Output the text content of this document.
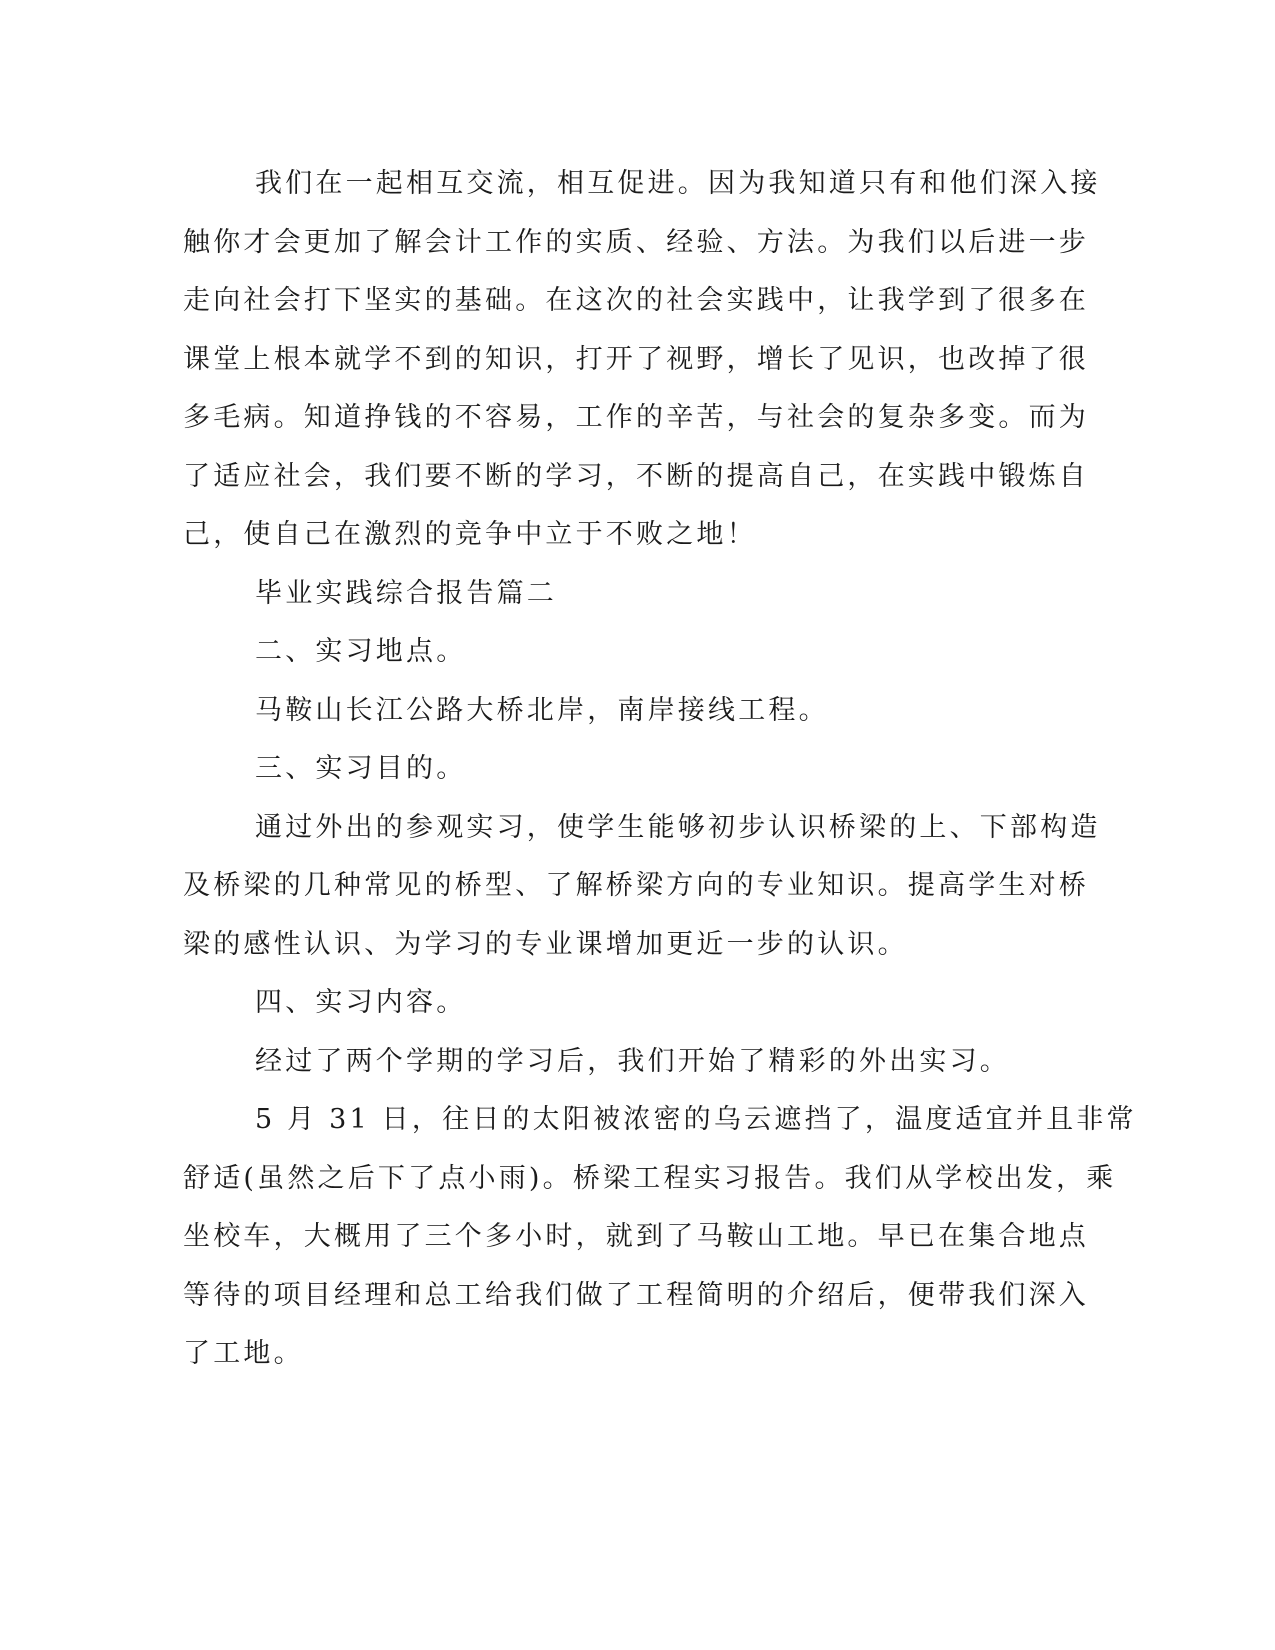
我们在一起相互交流，相互促进。因为我知道只有和他们深入接
触你才会更加了解会计工作的实质、经验、方法。为我们以后进一步
走向社会打下坚实的基础。在这次的社会实践中，让我学到了很多在
课堂上根本就学不到的知识，打开了视野，增长了见识，也改掉了很
多毛病。知道挣钱的不容易，工作的辛苦，与社会的复杂多变。而为
了适应社会，我们要不断的学习，不断的提高自己，在实践中锻炼自
己，使自己在激烈的竞争中立于不败之地！
毕业实践综合报告篇二
二、实习地点。
马鞍山长江公路大桥北岸，南岸接线工程。
三、实习目的。
通过外出的参观实习，使学生能够初步认识桥梁的上、下部构造
及桥梁的几种常见的桥型、了解桥梁方向的专业知识。提高学生对桥
梁的感性认识、为学习的专业课增加更近一步的认识。
四、实习内容。
经过了两个学期的学习后，我们开始了精彩的外出实习。
5 月 31 日，往日的太阳被浓密的乌云遮挡了，温度适宜并且非常
舒适(虽然之后下了点小雨)。桥梁工程实习报告。我们从学校出发，乘
坐校车，大概用了三个多小时，就到了马鞍山工地。早已在集合地点
等待的项目经理和总工给我们做了工程简明的介绍后，便带我们深入
了工地。
